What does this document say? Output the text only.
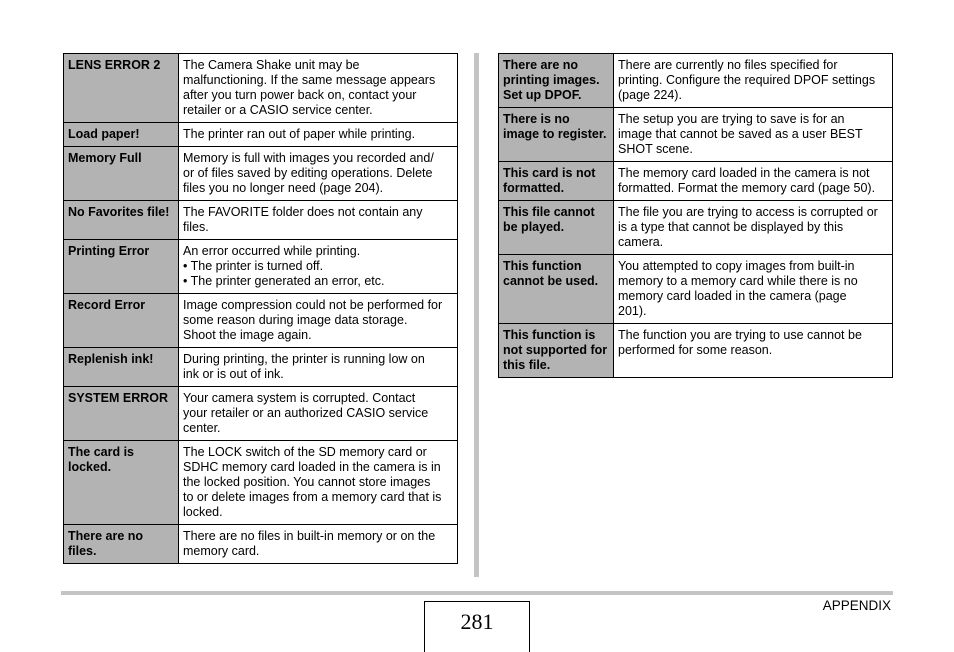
LENS ERROR 2	The Camera Shake unit may be
malfunctioning. If the same message appears
after you turn power back on, contact your
retailer or a CASIO service center.

Load paper!	The printer ran out of paper while printing.

Memory Full	Memory is full with images you recorded and/
or of files saved by editing operations. Delete
files you no longer need (page 204).

No Favorites file!	The FAVORITE folder does not contain any
files.

Printing Error	An error occurred while printing.
• The printer is turned off.
• The printer generated an error, etc.

Record Error	Image compression could not be performed for
some reason during image data storage.
Shoot the image again.

Replenish ink!	During printing, the printer is running low on
ink or is out of ink.

SYSTEM ERROR	Your camera system is corrupted. Contact
your retailer or an authorized CASIO service
center.

The card is locked.	The LOCK switch of the SD memory card or
SDHC memory card loaded in the camera is in
the locked position. You cannot store images
to or delete images from a memory card that is
locked.

There are no files.	There are no files in built-in memory or on the
memory card.
There are no printing images. Set up DPOF.	There are currently no files specified for
printing. Configure the required DPOF settings
(page 224).

There is no image to register.	The setup you are trying to save is for an
image that cannot be saved as a user BEST
SHOT scene.

This card is not formatted.	The memory card loaded in the camera is not
formatted. Format the memory card (page 50).

This file cannot be played.	The file you are trying to access is corrupted or
is a type that cannot be displayed by this
camera.

This function cannot be used.	You attempted to copy images from built-in
memory to a memory card while there is no
memory card loaded in the camera (page
201).

This function is not supported for this file.	The function you are trying to use cannot be
performed for some reason.
281
APPENDIX
